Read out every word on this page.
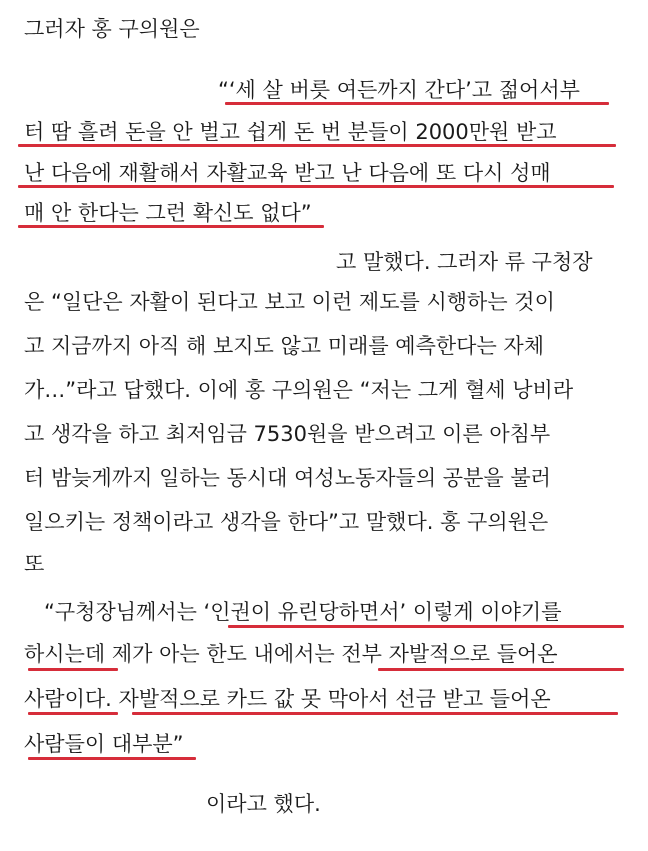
그러자 홍 구의원은
“‘세 살 버릇 여든까지 간다’고 젊어서부
터 땀 흘려 돈을 안 벌고 쉽게 돈 번 분들이 2000만원 받고
난 다음에 재활해서 자활교육 받고 난 다음에 또 다시 성매
매 안 한다는 그런 확신도 없다”
고 말했다. 그러자 류 구청장
은 “일단은 자활이 된다고 보고 이런 제도를 시행하는 것이
고 지금까지 아직 해 보지도 않고 미래를 예측한다는 자체
가…”라고 답했다. 이에 홍 구의원은 “저는 그게 혈세 낭비라
고 생각을 하고 최저임금 7530원을 받으려고 이른 아침부
터 밤늦게까지 일하는 동시대 여성노동자들의 공분을 불러
일으키는 정책이라고 생각을 한다”고 말했다. 홍 구의원은
또
“구청장님께서는 ‘인권이 유린당하면서’ 이렇게 이야기를
하시는데 제가 아는 한도 내에서는 전부 자발적으로 들어온
사람이다. 자발적으로 카드 값 못 막아서 선금 받고 들어온
사람들이 대부분”
이라고 했다.
